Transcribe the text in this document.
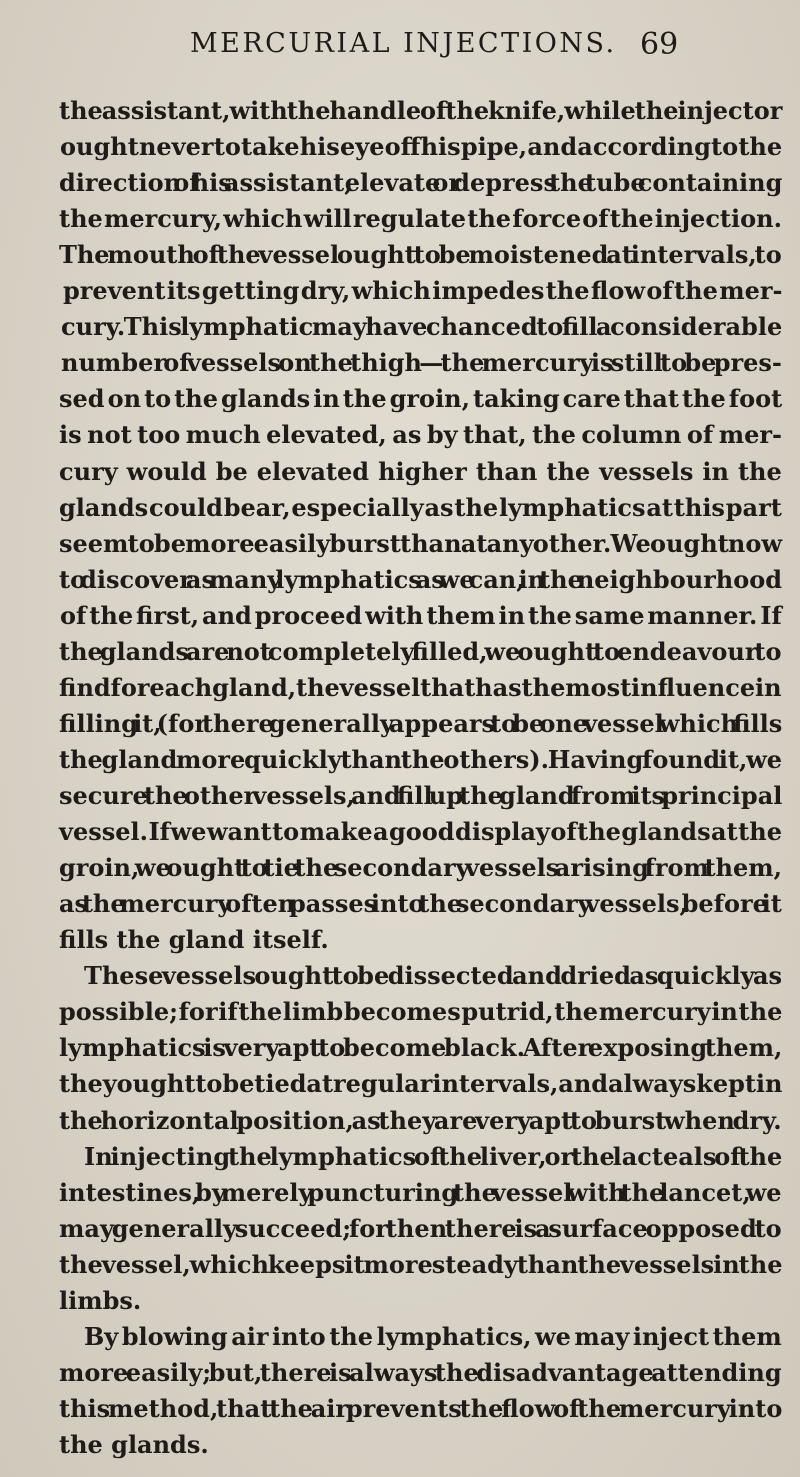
MERCURIAL INJECTIONS. 69
the assistant, with the handle of the knife, while the injector
ought never to take his eye off his pipe, and according to the
direction of his assistant, elevate or depress the tube containing
the mercury, which will regulate the force of the injection.
The mouth of the vessel ought to be moistened at intervals, to
prevent its getting dry, which impedes the flow of the mer-
cury. This lymphatic may have chanced to fill a considerable
number of vessels on the thigh — the mercury is still to be pres-
sed on to the glands in the groin, taking care that the foot
is not too much elevated, as by that, the column of mer-
cury would be elevated higher than the vessels in the
glands could bear, especially as the lymphatics at this part
seem to be more easily burst than at any other. We ought now
to discover as many lymphatics as we can, in the neighbourhood
of the first, and proceed with them in the same manner. If
the glands are not completely filled, we ought to endeavour to
find for each gland, the vessel that has the most influence in
filling it, (for there generally appears to be one vessel which fills
the gland more quickly than the others). Having found it, we
secure the other vessels, and fill up the gland from its principal
vessel. If we want to make a good display of the glands at the
groin, we ought to tie the secondary vessels arising from them,
as the mercury often passes into the secondary vessels, before it
fills the gland itself.
These vessels ought to be dissected and dried as quickly as
possible; for if the limb becomes putrid, the mercury in the
lymphatics is very apt to become black. After exposing them,
they ought to be tied at regular intervals, and always kept in
the horizontal position, as they are very apt to burst when dry.
In injecting the lymphatics of the liver, or the lacteals of the
intestines, by merely puncturing the vessel with the lancet, we
may generally succeed; for then there is a surface opposed to
the vessel, which keeps it more steady than the vessels in the
limbs.
By blowing air into the lymphatics, we may inject them
more easily; but, there is always the disadvantage attending
this method, that the air prevents the flow of the mercury into
the glands.
